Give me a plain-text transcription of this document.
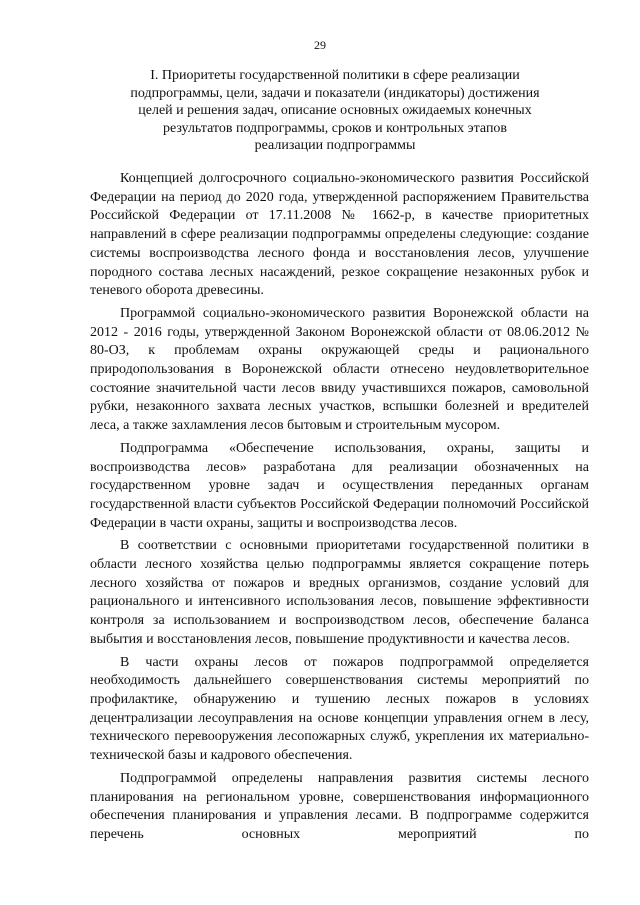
29
I. Приоритеты государственной политики в сфере реализации подпрограммы, цели, задачи и показатели (индикаторы) достижения целей и решения задач, описание основных ожидаемых конечных результатов подпрограммы, сроков и контрольных этапов реализации подпрограммы

Концепцией долгосрочного социально-экономического развития Российской Федерации на период до 2020 года, утвержденной распоряжением Правительства Российской Федерации от 17.11.2008 № 1662-р, в качестве приоритетных направлений в сфере реализации подпрограммы определены следующие: создание системы воспроизводства лесного фонда и восстановления лесов, улучшение породного состава лесных насаждений, резкое сокращение незаконных рубок и теневого оборота древесины.

Программой социально-экономического развития Воронежской области на 2012 - 2016 годы, утвержденной Законом Воронежской области от 08.06.2012 № 80-ОЗ, к проблемам охраны окружающей среды и рационального природопользования в Воронежской области отнесено неудовлетворительное состояние значительной части лесов ввиду участившихся пожаров, самовольной рубки, незаконного захвата лесных участков, вспышки болезней и вредителей леса, а также захламления лесов бытовым и строительным мусором.

Подпрограмма «Обеспечение использования, охраны, защиты и воспроизводства лесов» разработана для реализации обозначенных на государственном уровне задач и осуществления переданных органам государственной власти субъектов Российской Федерации полномочий Российской Федерации в части охраны, защиты и воспроизводства лесов.

В соответствии с основными приоритетами государственной политики в области лесного хозяйства целью подпрограммы является сокращение потерь лесного хозяйства от пожаров и вредных организмов, создание условий для рационального и интенсивного использования лесов, повышение эффективности контроля за использованием и воспроизводством лесов, обеспечение баланса выбытия и восстановления лесов, повышение продуктивности и качества лесов.

В части охраны лесов от пожаров подпрограммой определяется необходимость дальнейшего совершенствования системы мероприятий по профилактике, обнаружению и тушению лесных пожаров в условиях децентрализации лесоуправления на основе концепции управления огнем в лесу, технического перевооружения лесопожарных служб, укрепления их материально-технической базы и кадрового обеспечения.

Подпрограммой определены направления развития системы лесного планирования на региональном уровне, совершенствования информационного обеспечения планирования и управления лесами. В подпрограмме содержится перечень основных мероприятий по
